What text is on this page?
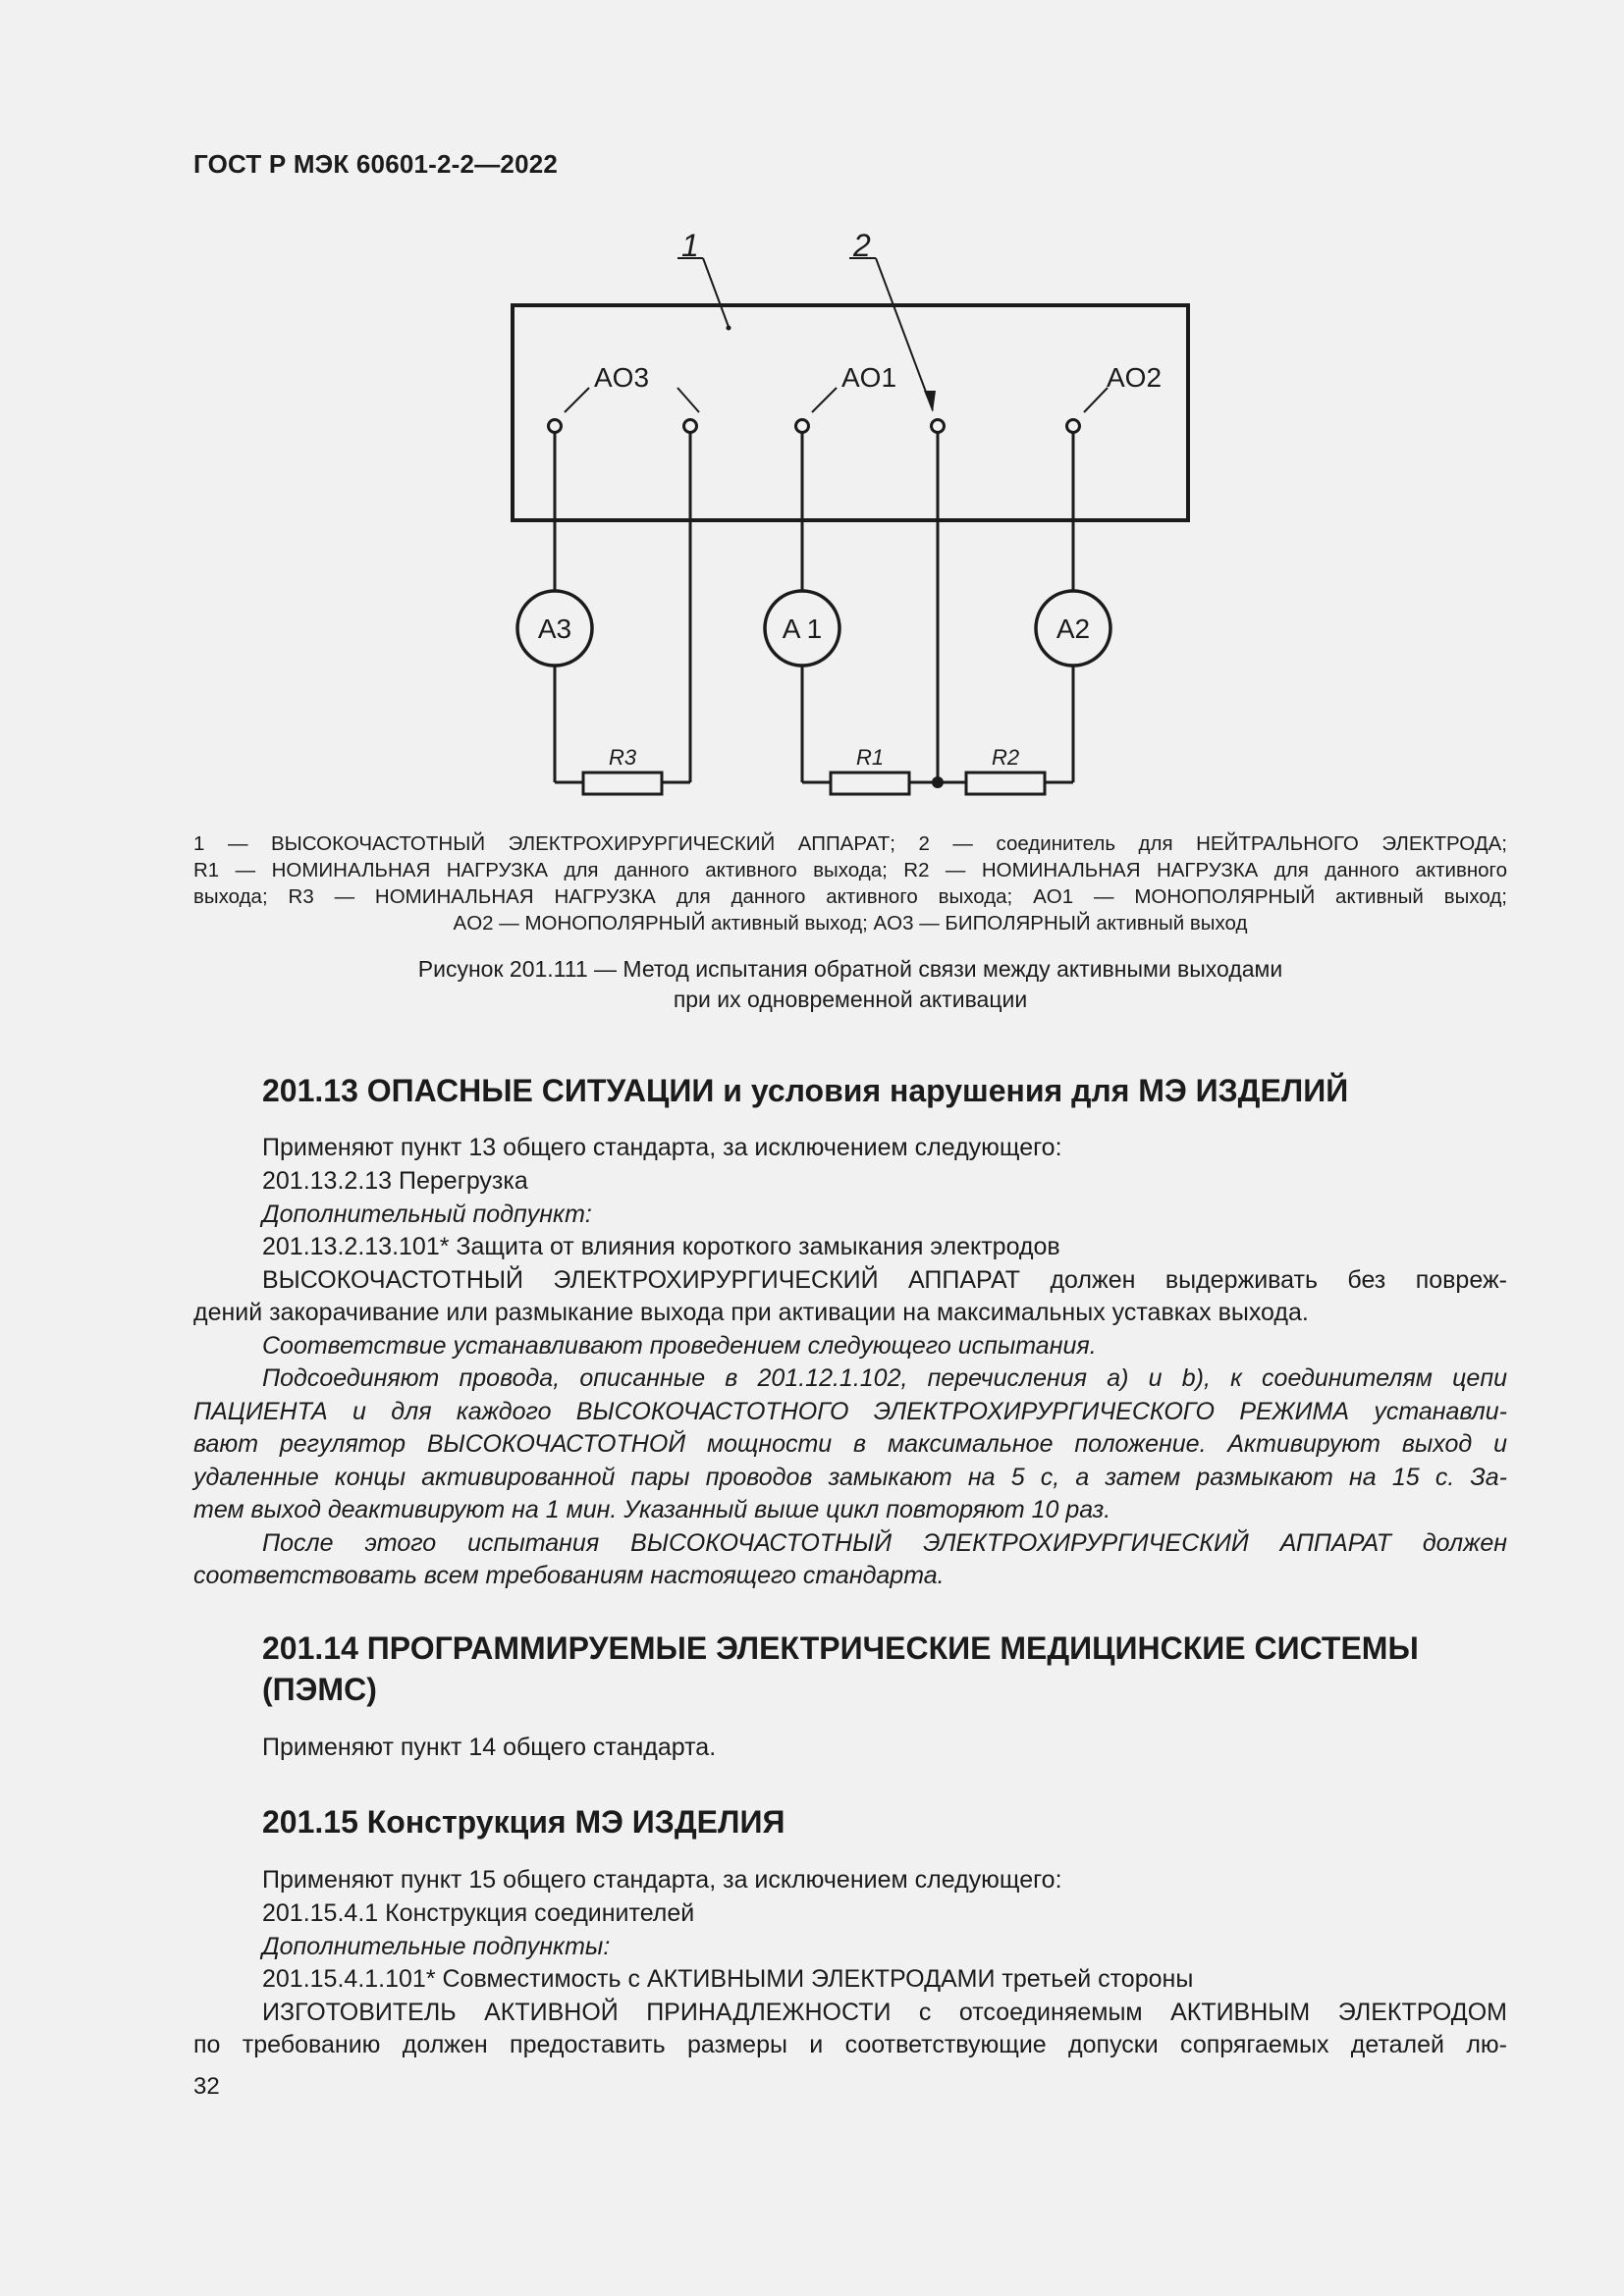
ГОСТ Р МЭК 60601-2-2—2022
1	2
AO3	AO1	AO2
A3	A 1	A2
R3	R1	R2
1 — ВЫСОКОЧАСТОТНЫЙ ЭЛЕКТРОХИРУРГИЧЕСКИЙ АППАРАТ; 2 — соединитель для НЕЙТРАЛЬНОГО ЭЛЕКТРОДА;
R1 — НОМИНАЛЬНАЯ НАГРУЗКА для данного активного выхода; R2 — НОМИНАЛЬНАЯ НАГРУЗКА для данного активного
выхода; R3 — НОМИНАЛЬНАЯ НАГРУЗКА для данного активного выхода; AO1 — МОНОПОЛЯРНЫЙ активный выход;
AO2 — МОНОПОЛЯРНЫЙ активный выход; AO3 — БИПОЛЯРНЫЙ активный выход
Рисунок 201.111 — Метод испытания обратной связи между активными выходами
при их одновременной активации
201.13 ОПАСНЫЕ СИТУАЦИИ и условия нарушения для МЭ ИЗДЕЛИЙ
Применяют пункт 13 общего стандарта, за исключением следующего:
201.13.2.13 Перегрузка
Дополнительный подпункт:
201.13.2.13.101* Защита от влияния короткого замыкания электродов
ВЫСОКОЧАСТОТНЫЙ ЭЛЕКТРОХИРУРГИЧЕСКИЙ АППАРАТ должен выдерживать без повреж-
дений закорачивание или размыкание выхода при активации на максимальных уставках выхода.
Соответствие устанавливают проведением следующего испытания.
Подсоединяют провода, описанные в 201.12.1.102, перечисления a) и b), к соединителям цепи
ПАЦИЕНТА и для каждого ВЫСОКОЧАСТОТНОГО ЭЛЕКТРОХИРУРГИЧЕСКОГО РЕЖИМА устанавли-
вают регулятор ВЫСОКОЧАСТОТНОЙ мощности в максимальное положение. Активируют выход и
удаленные концы активированной пары проводов замыкают на 5 с, а затем размыкают на 15 с. За-
тем выход деактивируют на 1 мин. Указанный выше цикл повторяют 10 раз.
После этого испытания ВЫСОКОЧАСТОТНЫЙ ЭЛЕКТРОХИРУРГИЧЕСКИЙ АППАРАТ должен
соответствовать всем требованиям настоящего стандарта.
201.14 ПРОГРАММИРУЕМЫЕ ЭЛЕКТРИЧЕСКИЕ МЕДИЦИНСКИЕ СИСТЕМЫ
(ПЭМС)
Применяют пункт 14 общего стандарта.
201.15 Конструкция МЭ ИЗДЕЛИЯ
Применяют пункт 15 общего стандарта, за исключением следующего:
201.15.4.1 Конструкция соединителей
Дополнительные подпункты:
201.15.4.1.101* Совместимость с АКТИВНЫМИ ЭЛЕКТРОДАМИ третьей стороны
ИЗГОТОВИТЕЛЬ АКТИВНОЙ ПРИНАДЛЕЖНОСТИ с отсоединяемым АКТИВНЫМ ЭЛЕКТРОДОМ
по требованию должен предоставить размеры и соответствующие допуски сопрягаемых деталей лю-
32
